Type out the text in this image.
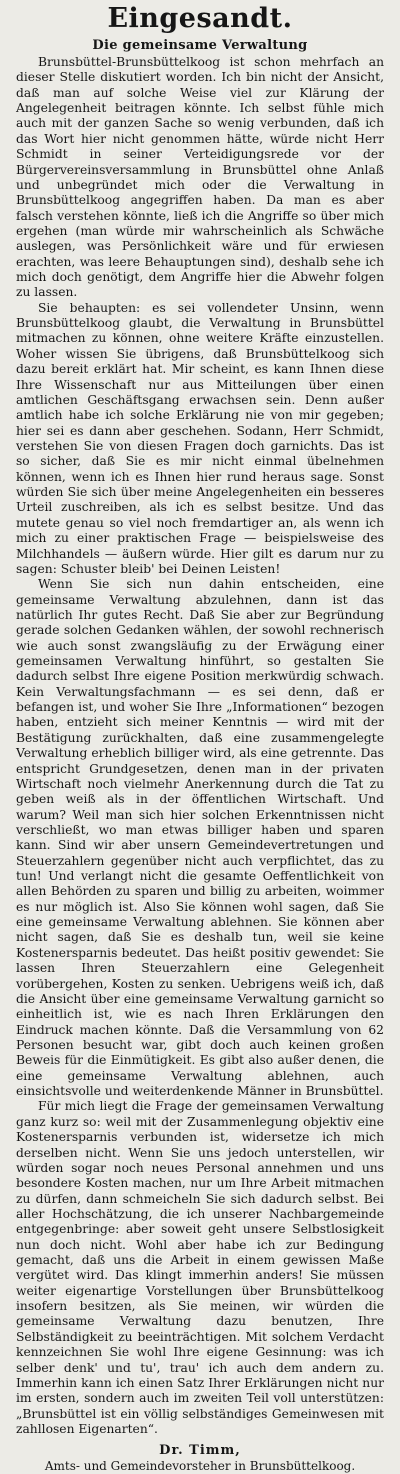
Eingesandt.
Die gemeinsame Verwaltung

Brunsbüttel-Brunsbüttelkoog ist schon mehrfach an dieser Stelle diskutiert worden. Ich bin nicht der Ansicht, daß man auf solche Weise viel zur Klärung der Angelegenheit beitragen könnte. Ich selbst fühle mich auch mit der ganzen Sache so wenig verbunden, daß ich das Wort hier nicht genommen hätte, würde nicht Herr Schmidt in seiner Verteidigungsrede vor der Bürgervereinsversammlung in Brunsbüttel ohne Anlaß und unbegründet mich oder die Verwaltung in Brunsbüttelkoog angegriffen haben. Da man es aber falsch verstehen könnte, ließ ich die Angriffe so über mich ergehen (man würde mir wahrscheinlich als Schwäche auslegen, was Persönlichkeit wäre und für erwiesen erachten, was leere Behauptungen sind), deshalb sehe ich mich doch genötigt, dem Angriffe hier die Abwehr folgen zu lassen.

Sie behaupten: es sei vollendeter Unsinn, wenn Brunsbüttelkoog glaubt, die Verwaltung in Brunsbüttel mitmachen zu können, ohne weitere Kräfte einzustellen. Woher wissen Sie übrigens, daß Brunsbüttelkoog sich dazu bereit erklärt hat. Mir scheint, es kann Ihnen diese Ihre Wissenschaft nur aus Mitteilungen über einen amtlichen Geschäftsgang erwachsen sein. Denn außer amtlich habe ich solche Erklärung nie von mir gegeben; hier sei es dann aber geschehen. Sodann, Herr Schmidt, verstehen Sie von diesen Fragen doch garnichts. Das ist so sicher, daß Sie es mir nicht einmal übelnehmen können, wenn ich es Ihnen hier rund heraus sage. Sonst würden Sie sich über meine Angelegenheiten ein besseres Urteil zuschreiben, als ich es selbst besitze. Und das mutete genau so viel noch fremdartiger an, als wenn ich mich zu einer praktischen Frage — beispielsweise des Milchhandels — äußern würde. Hier gilt es darum nur zu sagen: Schuster bleib' bei Deinen Leisten!

Wenn Sie sich nun dahin entscheiden, eine gemeinsame Verwaltung abzulehnen, dann ist das natürlich Ihr gutes Recht. Daß Sie aber zur Begründung gerade solchen Gedanken wählen, der sowohl rechnerisch wie auch sonst zwangsläufig zu der Erwägung einer gemeinsamen Verwaltung hinführt, so gestalten Sie dadurch selbst Ihre eigene Position merkwürdig schwach. Kein Verwaltungsfachmann — es sei denn, daß er befangen ist, und woher Sie Ihre „Informationen“ bezogen haben, entzieht sich meiner Kenntnis — wird mit der Bestätigung zurückhalten, daß eine zusammengelegte Verwaltung erheblich billiger wird, als eine getrennte. Das entspricht Grundgesetzen, denen man in der privaten Wirtschaft noch vielmehr Anerkennung durch die Tat zu geben weiß als in der öffentlichen Wirtschaft. Und warum? Weil man sich hier solchen Erkenntnissen nicht verschließt, wo man etwas billiger haben und sparen kann. Sind wir aber unsern Gemeindevertretungen und Steuerzahlern gegenüber nicht auch verpflichtet, das zu tun! Und verlangt nicht die gesamte Oeffentlichkeit von allen Behörden zu sparen und billig zu arbeiten, woimmer es nur möglich ist. Also Sie können wohl sagen, daß Sie eine gemeinsame Verwaltung ablehnen. Sie können aber nicht sagen, daß Sie es deshalb tun, weil sie keine Kostenersparnis bedeutet. Das heißt positiv gewendet: Sie lassen Ihren Steuerzahlern eine Gelegenheit vorübergehen, Kosten zu senken. Uebrigens weiß ich, daß die Ansicht über eine gemeinsame Verwaltung garnicht so einheitlich ist, wie es nach Ihren Erklärungen den Eindruck machen könnte. Daß die Versammlung von 62 Personen besucht war, gibt doch auch keinen großen Beweis für die Einmütigkeit. Es gibt also außer denen, die eine gemeinsame Verwaltung ablehnen, auch einsichtsvolle und weiterdenkende Männer in Brunsbüttel.

Für mich liegt die Frage der gemeinsamen Verwaltung ganz kurz so: weil mit der Zusammenlegung objektiv eine Kostenersparnis verbunden ist, widersetze ich mich derselben nicht. Wenn Sie uns jedoch unterstellen, wir würden sogar noch neues Personal annehmen und uns besondere Kosten machen, nur um Ihre Arbeit mitmachen zu dürfen, dann schmeicheln Sie sich dadurch selbst. Bei aller Hochschätzung, die ich unserer Nachbargemeinde entgegenbringe: aber soweit geht unsere Selbstlosigkeit nun doch nicht. Wohl aber habe ich zur Bedingung gemacht, daß uns die Arbeit in einem gewissen Maße vergütet wird. Das klingt immerhin anders! Sie müssen weiter eigenartige Vorstellungen über Brunsbüttelkoog insofern besitzen, als Sie meinen, wir würden die gemeinsame Verwaltung dazu benutzen, Ihre Selbständigkeit zu beeinträchtigen. Mit solchem Verdacht kennzeichnen Sie wohl Ihre eigene Gesinnung: was ich selber denk' und tu', trau' ich auch dem andern zu. Immerhin kann ich einen Satz Ihrer Erklärungen nicht nur im ersten, sondern auch im zweiten Teil voll unterstützen: „Brunsbüttel ist ein völlig selbständiges Gemeinwesen mit zahllosen Eigenarten“.

Dr. Timm,
Amts- und Gemeindevorsteher in Brunsbüttelkoog.
